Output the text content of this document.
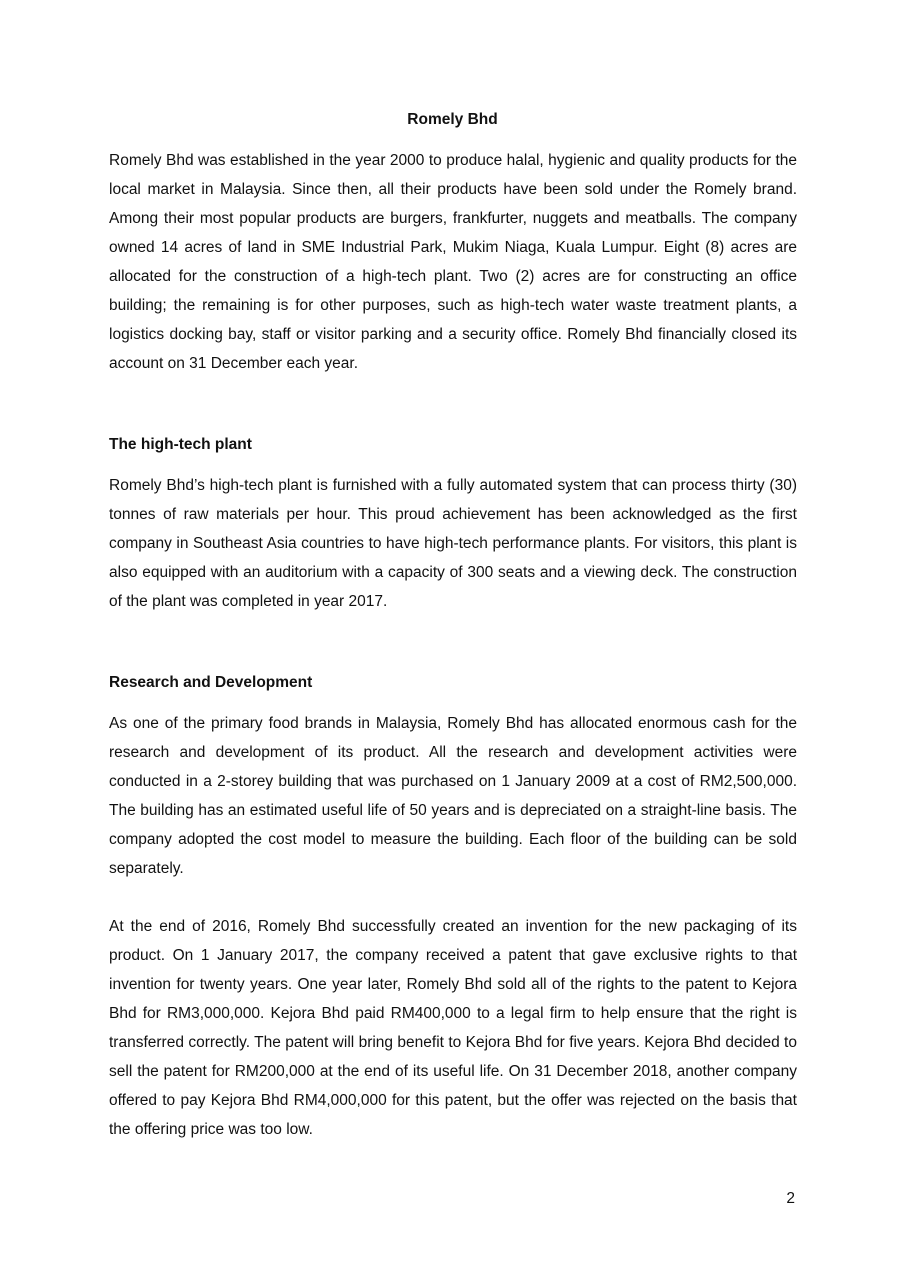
Romely Bhd

Romely Bhd was established in the year 2000 to produce halal, hygienic and quality products for the local market in Malaysia. Since then, all their products have been sold under the Romely brand. Among their most popular products are burgers, frankfurter, nuggets and meatballs. The company owned 14 acres of land in SME Industrial Park, Mukim Niaga, Kuala Lumpur. Eight (8) acres are allocated for the construction of a high-tech plant. Two (2) acres are for constructing an office building; the remaining is for other purposes, such as high-tech water waste treatment plants, a logistics docking bay, staff or visitor parking and a security office. Romely Bhd financially closed its account on 31 December each year.

The high-tech plant

Romely Bhd’s high-tech plant is furnished with a fully automated system that can process thirty (30) tonnes of raw materials per hour. This proud achievement has been acknowledged as the first company in Southeast Asia countries to have high-tech performance plants. For visitors, this plant is also equipped with an auditorium with a capacity of 300 seats and a viewing deck. The construction of the plant was completed in year 2017.

Research and Development

As one of the primary food brands in Malaysia, Romely Bhd has allocated enormous cash for the research and development of its product. All the research and development activities were conducted in a 2-storey building that was purchased on 1 January 2009 at a cost of RM2,500,000. The building has an estimated useful life of 50 years and is depreciated on a straight-line basis. The company adopted the cost model to measure the building. Each floor of the building can be sold separately.

At the end of 2016, Romely Bhd successfully created an invention for the new packaging of its product. On 1 January 2017, the company received a patent that gave exclusive rights to that invention for twenty years. One year later, Romely Bhd sold all of the rights to the patent to Kejora Bhd for RM3,000,000. Kejora Bhd paid RM400,000 to a legal firm to help ensure that the right is transferred correctly. The patent will bring benefit to Kejora Bhd for five years. Kejora Bhd decided to sell the patent for RM200,000 at the end of its useful life. On 31 December 2018, another company offered to pay Kejora Bhd RM4,000,000 for this patent, but the offer was rejected on the basis that the offering price was too low.

2
